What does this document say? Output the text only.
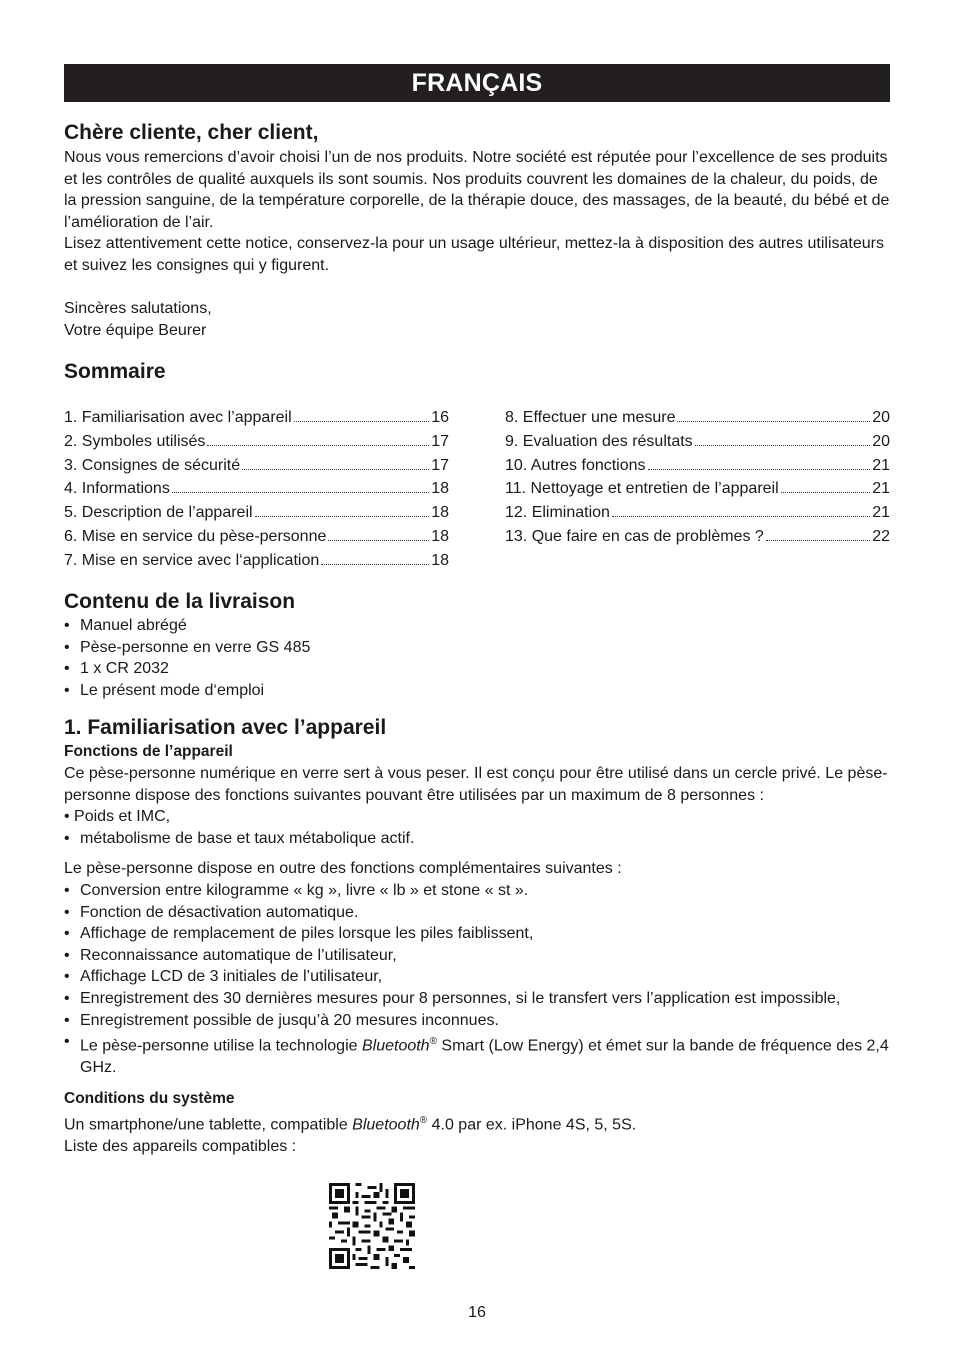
FRANÇAIS
Chère cliente, cher client,

Nous vous remercions d’avoir choisi l’un de nos produits. Notre société est réputée pour l’excellence de ses produits et les contrôles de qualité auxquels ils sont soumis. Nos produits couvrent les domaines de la chaleur, du poids, de la pression sanguine, de la température corporelle, de la thérapie douce, des massages, de la beauté, du bébé et de l’amélioration de l’air.

Lisez attentivement cette notice, conservez-la pour un usage ultérieur, mettez-la à disposition des autres utilisateurs et suivez les consignes qui y figurent.

Sincères salutations,

Votre équipe Beurer

Sommaire
1. Familiarisation avec l’appareil	16
2. Symboles utilisés	17
3. Consignes de sécurité	17
4. Informations	18
5. Description de l’appareil	18
6. Mise en service du pèse-personne	18
7. Mise en service avec l‘application	18
8. Effectuer une mesure	20
9. Evaluation des résultats	20
10. Autres fonctions	21
11. Nettoyage et entretien de l’appareil	21
12. Elimination	21
13. Que faire en cas de problèmes ?	22
Contenu de la livraison
• Manuel abrégé
• Pèse-personne en verre GS 485
• 1 x CR 2032
• Le présent mode d‘emploi
1. Familiarisation avec l’appareil
Fonctions de l’appareil

Ce pèse-personne numérique en verre sert à vous peser. Il est conçu pour être utilisé dans un cercle privé. Le pèse-personne dispose des fonctions suivantes pouvant être utilisées par un maximum de 8 personnes :

• Poids et IMC,

• métabolisme de base et taux métabolique actif.

Le pèse-personne dispose en outre des fonctions complémentaires suivantes :

• Conversion entre kilogramme « kg », livre « lb » et stone « st ».
• Fonction de désactivation automatique.
• Affichage de remplacement de piles lorsque les piles faiblissent,
• Reconnaissance automatique de l’utilisateur,
• Affichage LCD de 3 initiales de l’utilisateur,
• Enregistrement des 30 dernières mesures pour 8 personnes, si le transfert vers l’application est impossible,
• Enregistrement possible de jusqu’à 20 mesures inconnues.
• Le pèse-personne utilise la technologie Bluetooth® Smart (Low Energy) et émet sur la bande de fréquence des 2,4 GHz.
Conditions du système

Un smartphone/une tablette, compatible Bluetooth® 4.0 par ex. iPhone 4S, 5, 5S.

Liste des appareils compatibles :

16
